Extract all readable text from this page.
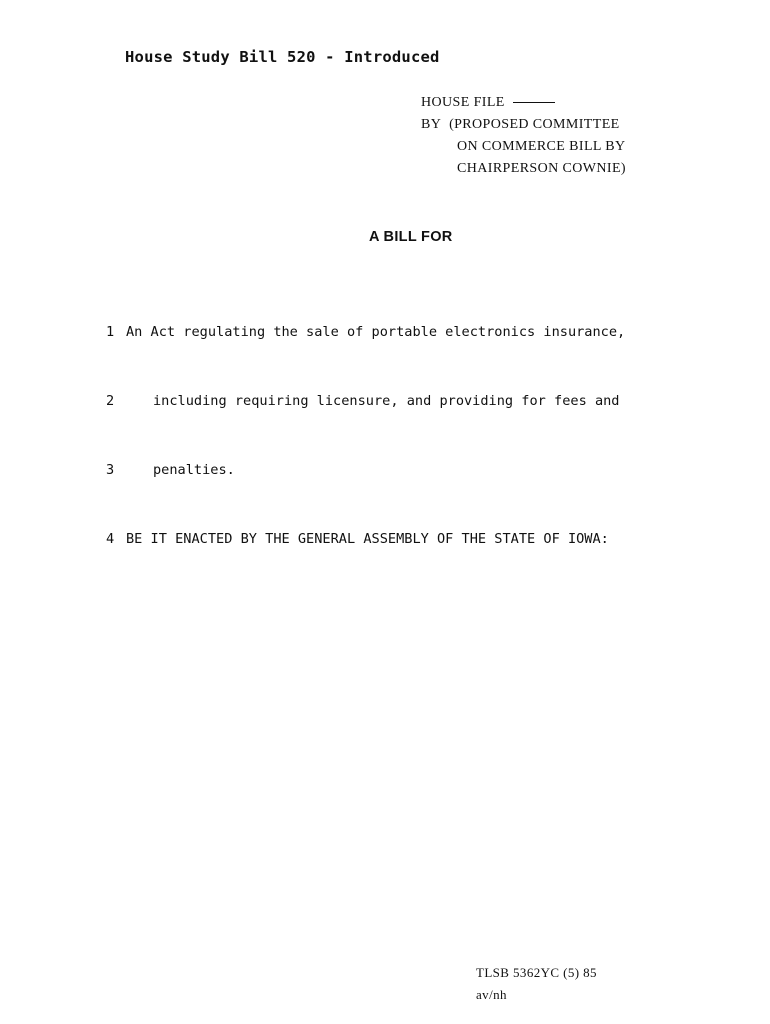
House Study Bill 520 - Introduced
HOUSE FILE
BY (PROPOSED COMMITTEE
ON COMMERCE BILL BY
CHAIRPERSON COWNIE)
A BILL FOR

1 An Act regulating the sale of portable electronics insurance,

2	including requiring licensure, and providing for fees and

3	penalties.

4 BE IT ENACTED BY THE GENERAL ASSEMBLY OF THE STATE OF IOWA:

TLSB 5362YC (5) 85
av/nh
